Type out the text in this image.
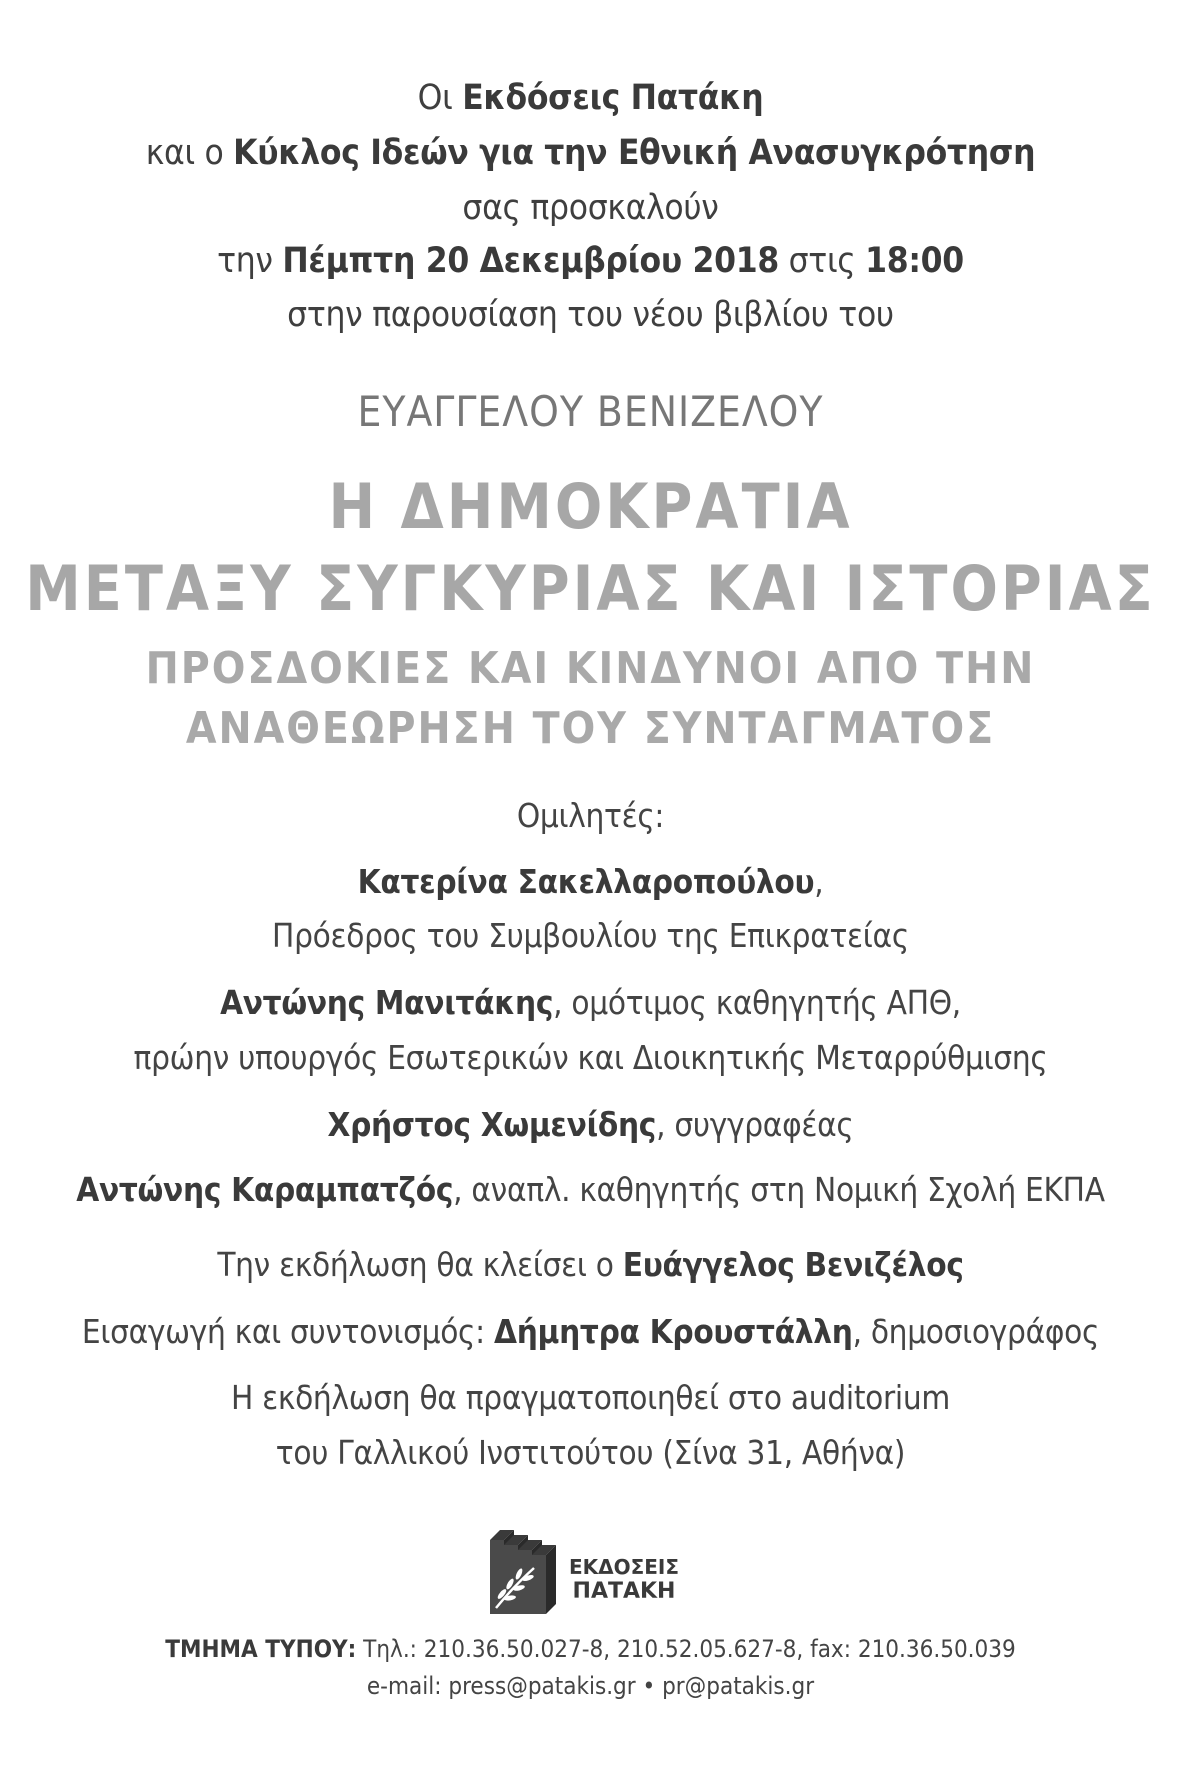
Οι Εκδόσεις Πατάκη
και ο Κύκλος Ιδεών για την Εθνική Ανασυγκρότηση
σας προσκαλούν
την Πέμπτη 20 Δεκεμβρίου 2018 στις 18:00
στην παρουσίαση του νέου βιβλίου του
ΕΥΑΓΓΕΛΟΥ ΒΕΝΙΖΕΛΟΥ
Η ΔΗΜΟΚΡΑΤΙΑ
ΜΕΤΑΞΥ ΣΥΓΚΥΡΙΑΣ ΚΑΙ ΙΣΤΟΡΙΑΣ
ΠΡΟΣΔΟΚΙΕΣ ΚΑΙ ΚΙΝΔΥΝΟΙ ΑΠΟ ΤΗΝ
ΑΝΑΘΕΩΡΗΣΗ ΤΟΥ ΣΥΝΤΑΓΜΑΤΟΣ
Ομιλητές:
Κατερίνα Σακελλαροπούλου,
Πρόεδρος του Συμβουλίου της Επικρατείας
Αντώνης Μανιτάκης, ομότιμος καθηγητής ΑΠΘ,
πρώην υπουργός Εσωτερικών και Διοικητικής Μεταρρύθμισης
Χρήστος Χωμενίδης, συγγραφέας
Αντώνης Καραμπατζός, αναπλ. καθηγητής στη Νομική Σχολή ΕΚΠΑ
Την εκδήλωση θα κλείσει ο Ευάγγελος Βενιζέλος
Εισαγωγή και συντονισμός: Δήμητρα Κρουστάλλη, δημοσιογράφος
Η εκδήλωση θα πραγματοποιηθεί στο auditorium
του Γαλλικού Ινστιτούτου (Σίνα 31, Αθήνα)
ΕΚΔΟΣΕΙΣ
ΠΑΤΑΚΗ
ΤΜΗΜΑ ΤΥΠΟΥ: Τηλ.: 210.36.50.027-8, 210.52.05.627-8, fax: 210.36.50.039
e-mail: press@patakis.gr • pr@patakis.gr
